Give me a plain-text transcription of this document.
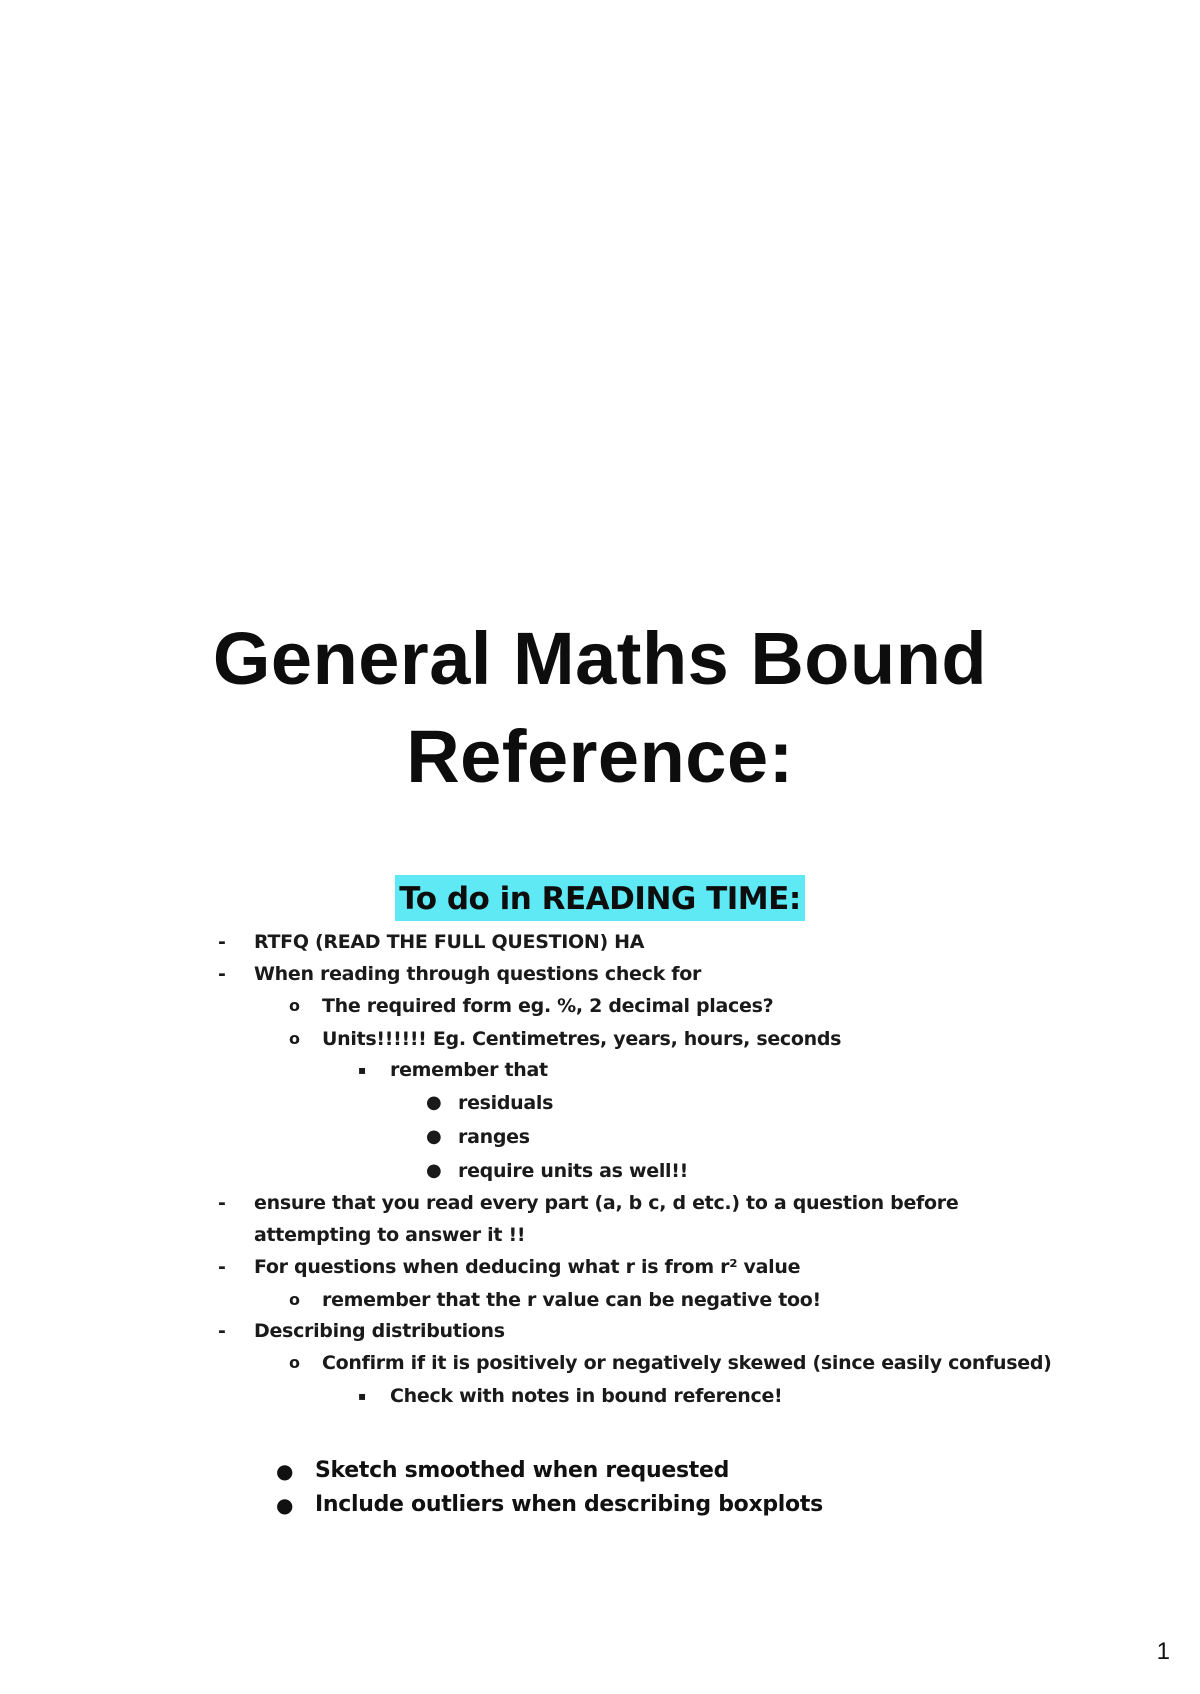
General Maths Bound
Reference:
To do in READING TIME:
-	RTFQ (READ THE FULL QUESTION) HA
-	When reading through questions check for
o The required form eg. %, 2 decimal places?
o Units!!!!!! Eg. Centimetres, years, hours, seconds
▪ remember that
● residuals
● ranges
● require units as well!!
-	ensure that you read every part (a, b c, d etc.) to a question before
attempting to answer it !!
-	For questions when deducing what r is from r² value
o remember that the r value can be negative too!
-	Describing distributions
o Confirm if it is positively or negatively skewed (since easily confused)
▪ Check with notes in bound reference!
● Sketch smoothed when requested
● Include outliers when describing boxplots
1
